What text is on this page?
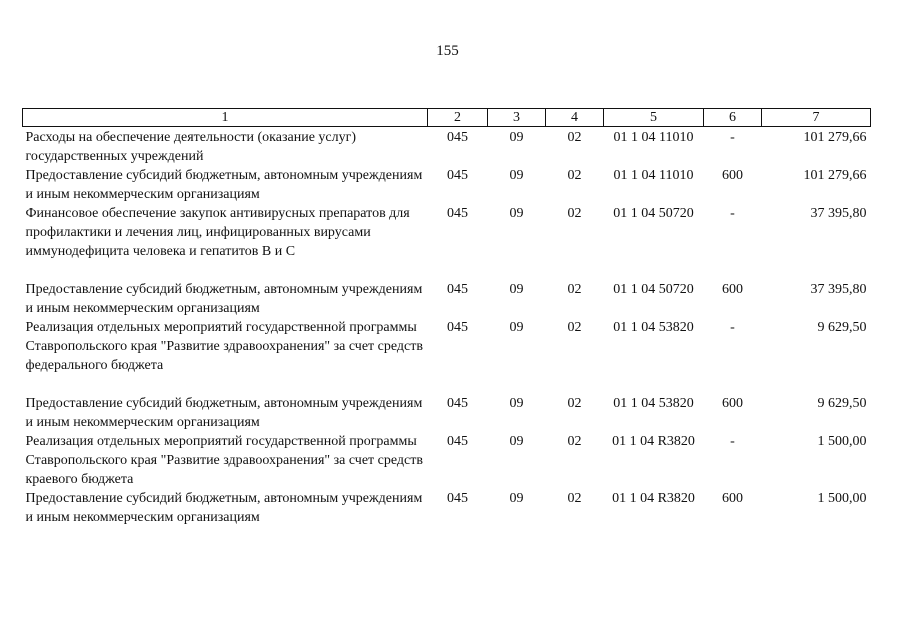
155
1	2	3	4	5	6	7
Расходы на обеспечение деятельности (оказание услуг) государственных учреждений	045	09	02	01 1 04 11010	-	101 279,66
Предоставление субсидий бюджетным, автономным учреждениям и иным некоммерческим организациям	045	09	02	01 1 04 11010	600	101 279,66
Финансовое обеспечение закупок антивирусных препаратов для профилактики и лечения лиц, инфицированных вирусами иммунодефицита человека и гепатитов В и С	045	09	02	01 1 04 50720	-	37 395,80
Предоставление субсидий бюджетным, автономным учреждениям и иным некоммерческим организациям	045	09	02	01 1 04 50720	600	37 395,80
Реализация отдельных мероприятий государственной программы Ставропольского края "Развитие здравоохранения" за счет средств федерального бюджета	045	09	02	01 1 04 53820	-	9 629,50
Предоставление субсидий бюджетным, автономным учреждениям и иным некоммерческим организациям	045	09	02	01 1 04 53820	600	9 629,50
Реализация отдельных мероприятий государственной программы Ставропольского края "Развитие здравоохранения" за счет средств краевого бюджета	045	09	02	01 1 04 R3820	-	1 500,00
Предоставление субсидий бюджетным, автономным учреждениям и иным некоммерческим организациям	045	09	02	01 1 04 R3820	600	1 500,00
